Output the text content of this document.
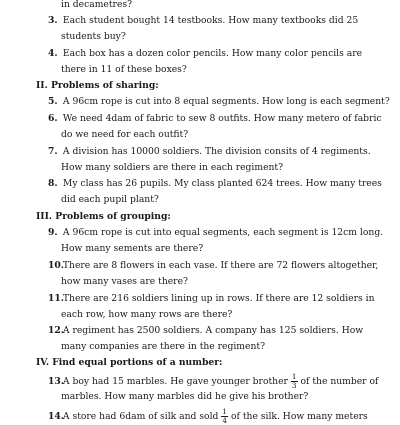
in decametres?
3. Each student bought 14 testbooks. How many textbooks did 25
students buy?
4. Each box has a dozen color pencils. How many color pencils are
there in 11 of these boxes?
II. Problems of sharing:
5. A 96cm rope is cut into 8 equal segments. How long is each segment?
6. We need 4dam of fabric to sew 8 outfits. How many metero of fabric
do we need for each outfit?
7. A division has 10000 soldiers. The division consits of 4 regiments.
How many soldiers are there in each regiment?
8. My class has 26 pupils. My class planted 624 trees. How many trees
did each pupil plant?
III. Problems of grouping:
9. A 96cm rope is cut into equal segments, each segment is 12cm long.
How many sements are there?
10. There are 8 flowers in each vase. If there are 72 flowers altogether,
how many vases are there?
11. There are 216 soldiers lining up in rows. If there are 12 soldiers in
each row, how many rows are there?
12. A regiment has 2500 soldiers. A company has 125 soldiers. How
many companies are there in the regiment?
IV. Find equal portions of a number:
13. A boy had 15 marbles. He gave younger brother $\frac{1}{3}$ of the number of
marbles. How many marbles did he give his brother?
14. A store had 6dam of silk and sold $\frac{1}{4}$ of the silk. How many meters
